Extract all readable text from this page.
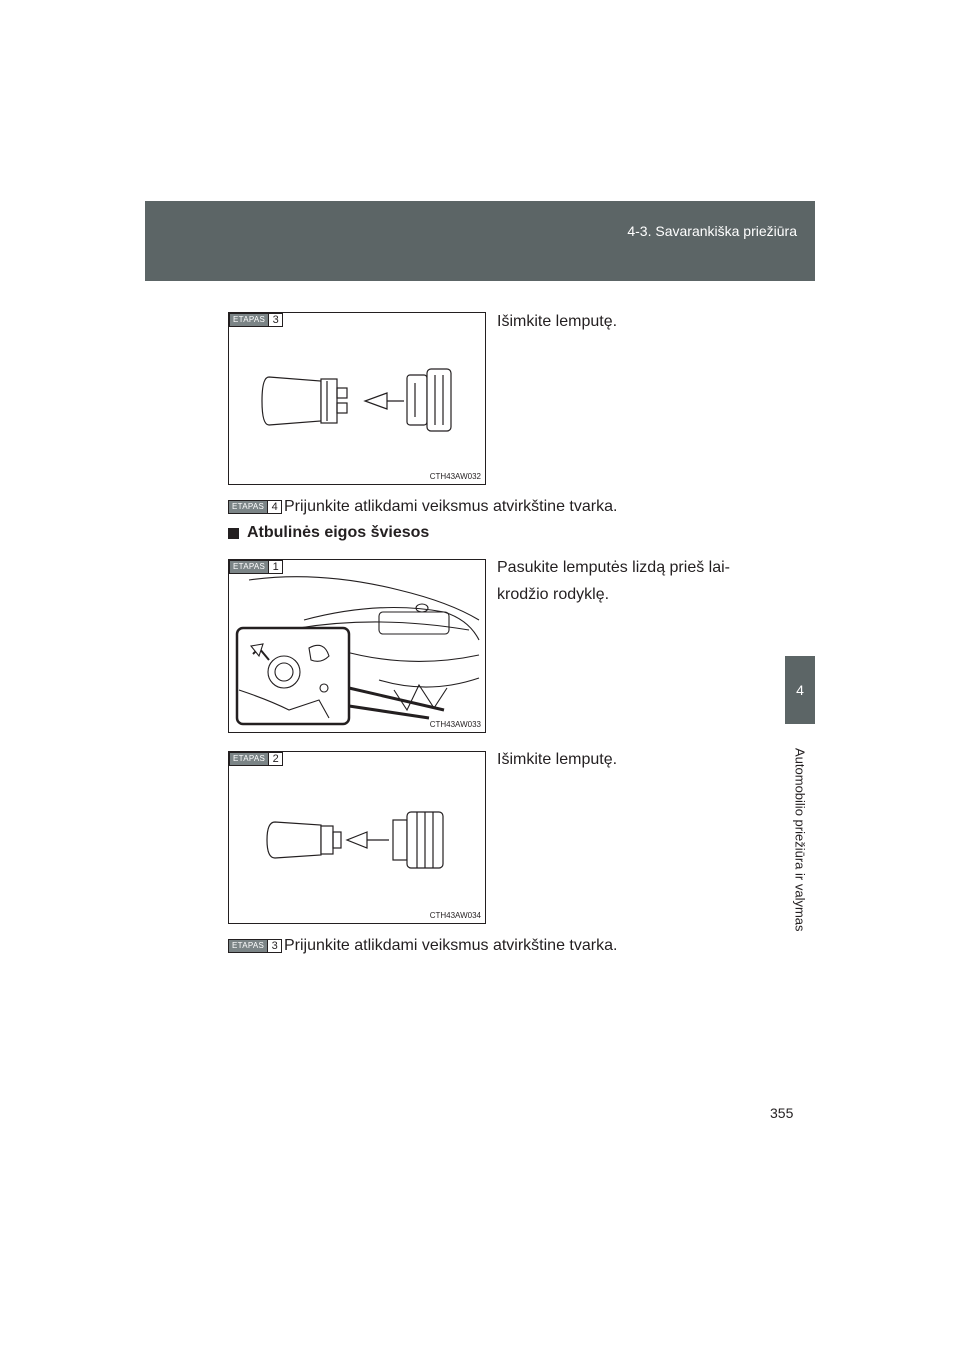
4-3. Savarankiška priežiūra
4
Automobilio priežiūra ir valymas
ETAPAS 3
CTH43AW032
Išimkite lemputę.
ETAPAS 4 Prijunkite atlikdami veiksmus atvirkštine tvarka.
Atbulinės eigos šviesos
ETAPAS 1
CTH43AW033
Pasukite lemputės lizdą prieš lai-
krodžio rodyklę.
ETAPAS 2
CTH43AW034
Išimkite lemputę.
ETAPAS 3 Prijunkite atlikdami veiksmus atvirkštine tvarka.
355
